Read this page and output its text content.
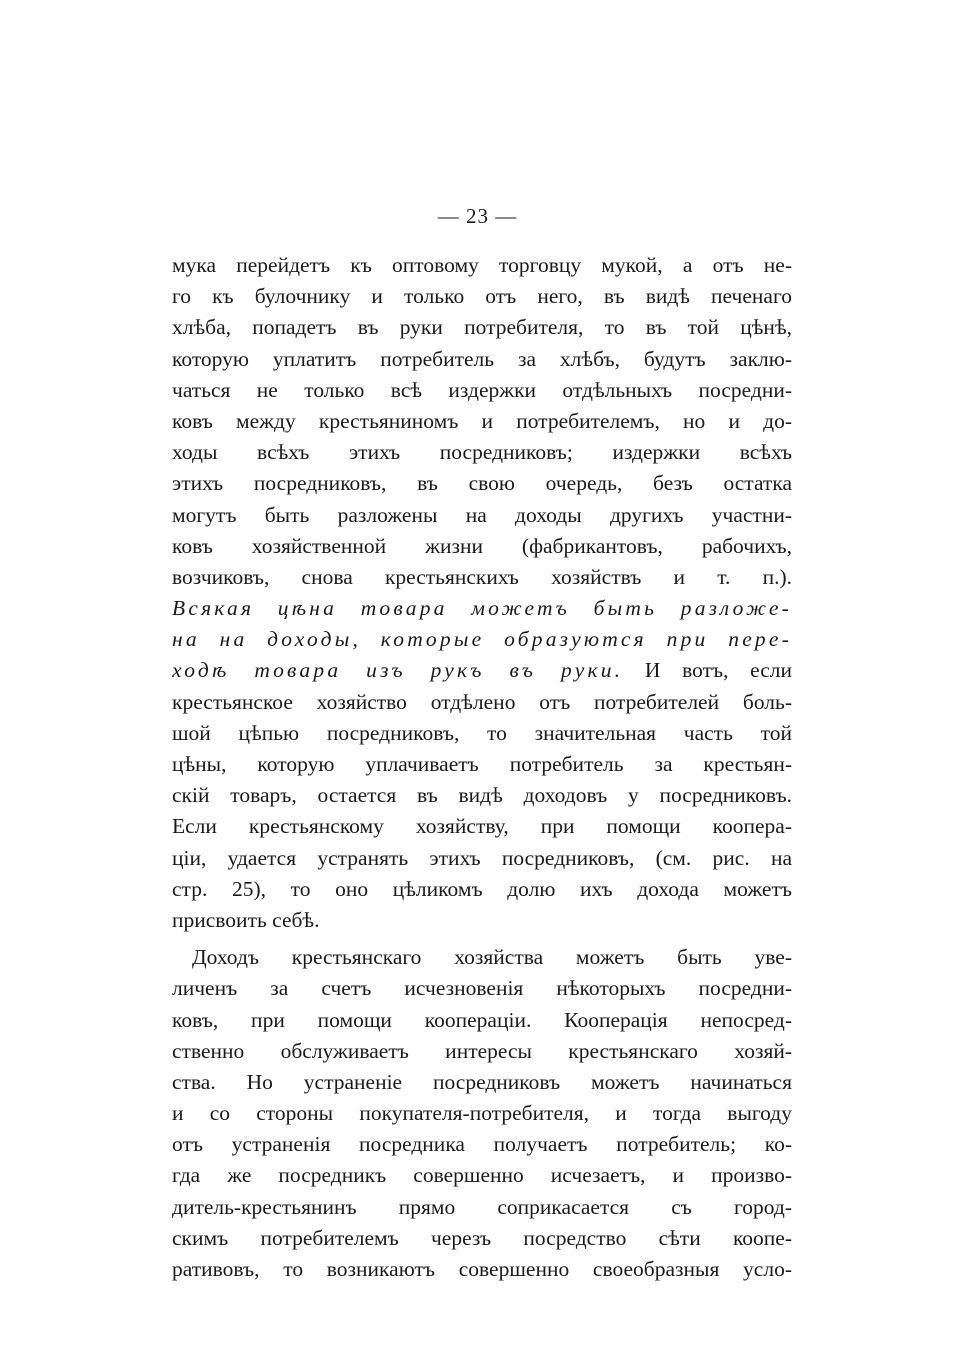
— 23 —
мука перейдетъ къ оптовому торговцу мукой, а отъ не-
го къ булочнику и только отъ него, въ видѣ печенаго
хлѣба, попадетъ въ руки потребителя, то въ той цѣнѣ,
которую уплатитъ потребитель за хлѣбъ, будутъ заклю-
чаться не только всѣ издержки отдѣльныхъ посредни-
ковъ между крестьяниномъ и потребителемъ, но и до-
ходы всѣхъ этихъ посредниковъ; издержки всѣхъ
этихъ посредниковъ, въ свою очередь, безъ остатка
могутъ быть разложены на доходы другихъ участни-
ковъ хозяйственной жизни (фабрикантовъ, рабочихъ,
возчиковъ, снова крестьянскихъ хозяйствъ и т. п.).
Всякая цѣна товара можетъ быть разложе-
на на доходы, которые образуются при пере-
ходѣ товара изъ рукъ въ руки. И вотъ, если
крестьянское хозяйство отдѣлено отъ потребителей боль-
шой цѣпью посредниковъ, то значительная часть той
цѣны, которую уплачиваетъ потребитель за крестьян-
скій товаръ, остается въ видѣ доходовъ у посредниковъ.
Если крестьянскому хозяйству, при помощи коопера-
ціи, удается устранять этихъ посредниковъ, (см. рис. на
стр. 25), то оно цѣликомъ долю ихъ дохода можетъ
присвоить себѣ.
Доходъ крестьянскаго хозяйства можетъ быть уве-
личенъ за счетъ исчезновенія нѣкоторыхъ посредни-
ковъ, при помощи кооперацiи. Кооперація непосред-
ственно обслуживаетъ интересы крестьянскаго хозяй-
ства. Но устраненіе посредниковъ можетъ начинаться
и со стороны покупателя-потребителя, и тогда выгоду
отъ устраненія посредника получаетъ потребитель; ко-
гда же посредникъ совершенно исчезаетъ, и произво-
дитель-крестьянинъ прямо соприкасается съ город-
скимъ потребителемъ черезъ посредство сѣти коопе-
ративовъ, то возникаютъ совершенно своеобразныя усло-
